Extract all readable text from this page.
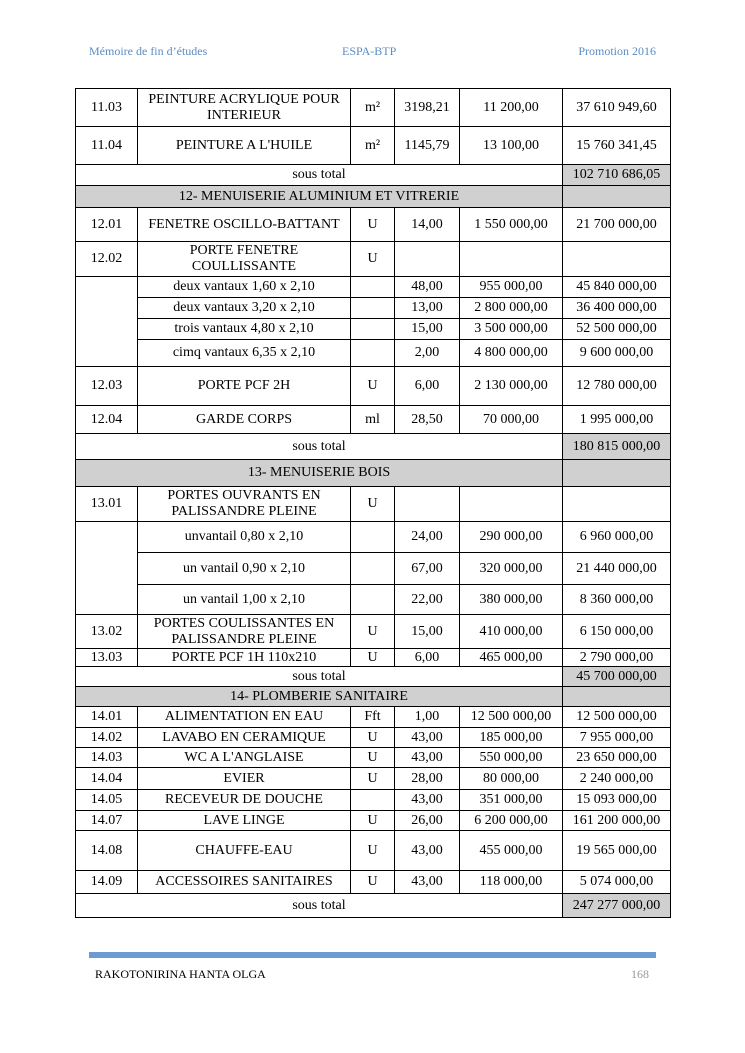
Mémoire de fin d’études	ESPA-BTP	Promotion 2016
11.03	PEINTURE ACRYLIQUE POUR INTERIEUR	m²	3198,21	11 200,00	37 610 949,60
11.04	PEINTURE A L'HUILE	m²	1145,79	13 100,00	15 760 341,45
sous total					102 710 686,05
12- MENUISERIE ALUMINIUM ET VITRERIE					
12.01	FENETRE OSCILLO-BATTANT	U	14,00	1 550 000,00	21 700 000,00
12.02	PORTE FENETRE COULLISSANTE	U			
	deux vantaux 1,60 x 2,10		48,00	955 000,00	45 840 000,00
	deux vantaux 3,20 x 2,10		13,00	2 800 000,00	36 400 000,00
	trois vantaux 4,80 x 2,10		15,00	3 500 000,00	52 500 000,00
	cimq vantaux 6,35 x 2,10		2,00	4 800 000,00	9 600 000,00
12.03	PORTE PCF 2H	U	6,00	2 130 000,00	12 780 000,00
12.04	GARDE CORPS	ml	28,50	70 000,00	1 995 000,00
sous total					180 815 000,00
13- MENUISERIE BOIS					
13.01	PORTES OUVRANTS EN PALISSANDRE PLEINE	U			
	unvantail 0,80 x 2,10		24,00	290 000,00	6 960 000,00
	un vantail 0,90 x 2,10		67,00	320 000,00	21 440 000,00
	un vantail 1,00 x 2,10		22,00	380 000,00	8 360 000,00
13.02	PORTES COULISSANTES EN PALISSANDRE PLEINE	U	15,00	410 000,00	6 150 000,00
13.03	PORTE PCF 1H 110x210	U	6,00	465 000,00	2 790 000,00
sous total					45 700 000,00
14- PLOMBERIE SANITAIRE					
14.01	ALIMENTATION EN EAU	Fft	1,00	12 500 000,00	12 500 000,00
14.02	LAVABO EN CERAMIQUE	U	43,00	185 000,00	7 955 000,00
14.03	WC A L'ANGLAISE	U	43,00	550 000,00	23 650 000,00
14.04	EVIER	U	28,00	80 000,00	2 240 000,00
14.05	RECEVEUR DE DOUCHE		43,00	351 000,00	15 093 000,00
14.07	LAVE LINGE	U	26,00	6 200 000,00	161 200 000,00
14.08	CHAUFFE-EAU	U	43,00	455 000,00	19 565 000,00
14.09	ACCESSOIRES SANITAIRES	U	43,00	118 000,00	5 074 000,00
sous total					247 277 000,00
RAKOTONIRINA HANTA OLGA	168
